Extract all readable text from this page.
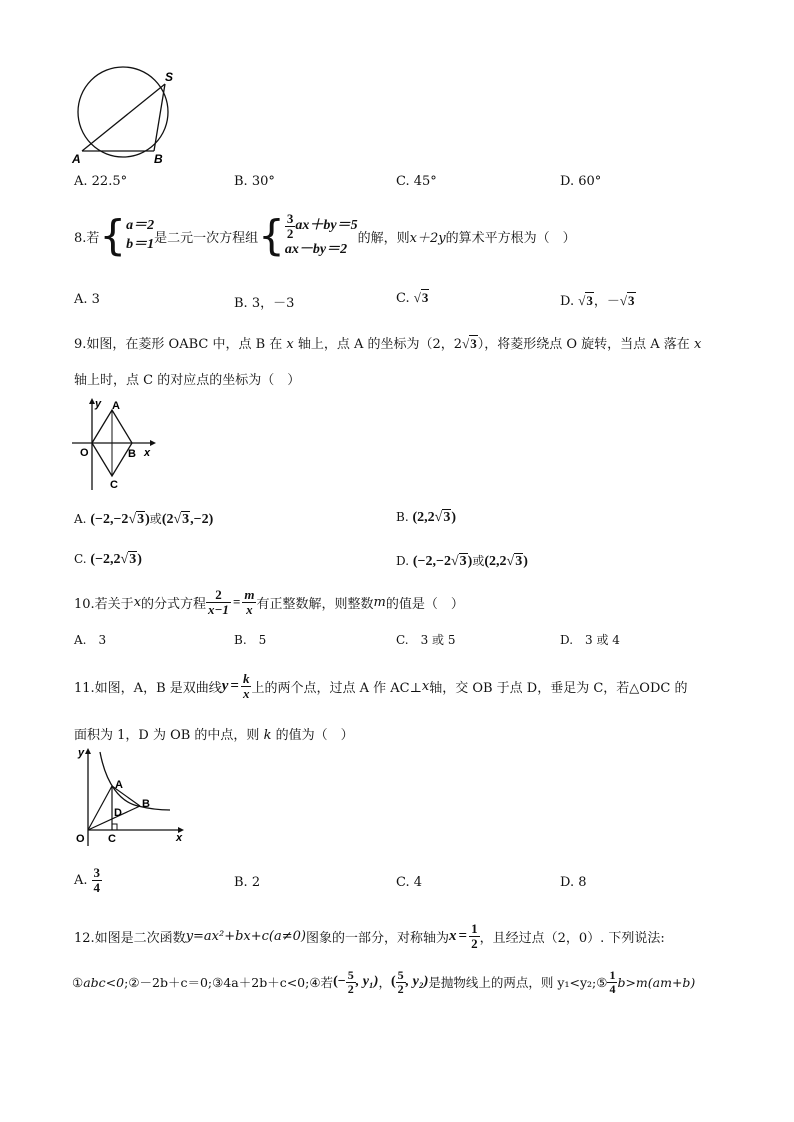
S
A	B
A. 22.5°	B. 30°	C. 45°	D. 60°
8.若 { a＝2
b＝1 是二元一次方程组 { $\frac{3}{2} ax+by=5$
ax－by＝2
的解，则 x＋2y 的算术平方根为（　）
A. 3	B. 3，－3	C. √3	D. √3，－√3
9.如图，在菱形 OABC 中，点 B 在 x 轴上，点 A 的坐标为（2，2√3），将菱形绕点 O 旋转，当点 A 落在 x
轴上时，点 C 的对应点的坐标为（　）
y A
O	B x
C
A. (−2,−2√3)或(2√3,−2)	B. (2,2√3)
C. (−2,2√3)	D. (−2,−2√3)或(2,2√3)
10.若关于 x 的分式方程 $\frac{2}{x-1} = \frac{m}{x}$ 有正整数解，则整数 m 的值是（　）
A.　3	B.　5	C.　3 或 5	D.　3 或 4
11.如图，A，B 是双曲线 $y = \frac{k}{x}$ 上的两个点，过点 A 作 AC⊥ x 轴，交 OB 于点 D，垂足为 C，若△ODC 的
面积为 1，D 为 OB 的中点，则 k 的值为（　）
y
A
D
B
O C	x
A. $\frac{3}{4}$	B. 2	C. 4	D. 8
12.如图是二次函数 y=ax²+bx+c(a≠0) 图象的一部分，对称轴为 $x = \frac{1}{2}$ ，且经过点（2，0）. 下列说法:
① abc<0 ;②－2b＋c＝0;③4a＋2b＋c<0;④若 (− $\frac{5}{2}$ , y₁) ， ( $\frac{5}{2}$ , y₂) 是抛物线上的两点，则 y₁<y₂;⑤ $\frac{1}{4} b>m(am+b)$
